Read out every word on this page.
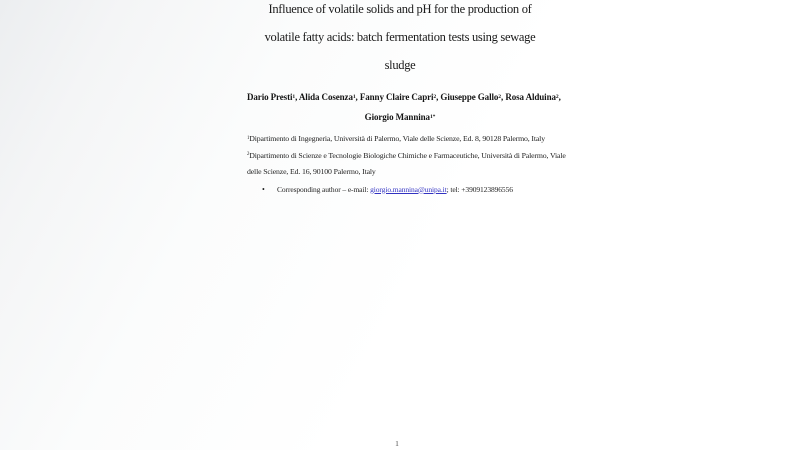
Influence of volatile solids and pH for the production of
volatile fatty acids: batch fermentation tests using sewage
sludge
Dario Presti$^1$, Alida Cosenza$^1$, Fanny Claire Capri$^2$, Giuseppe Gallo$^2$, Rosa Alduina$^2$,
Giorgio Mannina$^{1*}$
$^1$Dipartimento di Ingegneria, Università di Palermo, Viale delle Scienze, Ed. 8, 90128 Palermo, Italy
$^2$Dipartimento di Scienze e Tecnologie Biologiche Chimiche e Farmaceutiche, Università di Palermo, Viale
delle Scienze, Ed. 16, 90100 Palermo, Italy
•	Corresponding author – e-mail: giorgio.mannina@unipa.it; tel: +3909123896556
1
